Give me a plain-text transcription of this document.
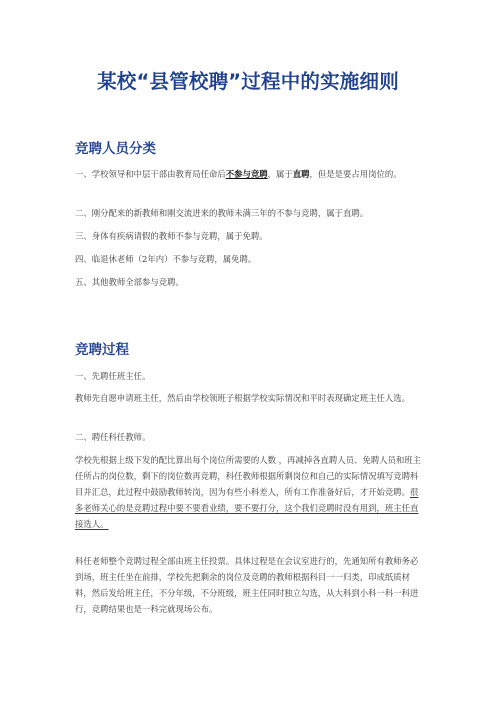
某校“县管校聘”过程中的实施细则
竞聘人员分类
一、学校领导和中层干部由教育局任命后不参与竞聘，属于直聘，但是是要占用岗位的。
二、刚分配来的新教师和刚交流进来的教师未满三年的不参与竞聘，属于直聘。
三、身体有疾病请假的教师不参与竞聘，属于免聘。
四、临退休老师（2年内）不参与竞聘，属免聘。
五、其他教师全部参与竞聘。
竞聘过程
一、先聘任班主任。
教师先自愿申请班主任，然后由学校领班子根据学校实际情况和平时表现确定班主任人选。
二、聘任科任教师。
学校先根据上级下发的配比算出每个岗位所需要的人数 ，再减掉各直聘人员、免聘人员和班主任所占的岗位数，剩下的岗位数再竞聘，科任教师根据所剩岗位和自己的实际情况填写竞聘科目并汇总，此过程中鼓励教师转岗，因为有些小科差人，所有工作准备好后，才开始竞聘。很多老师关心的是竞聘过程中要不要看业绩，要不要打分，这个我们竞聘时没有用到，班主任直接选人。
科任老师整个竞聘过程全部由班主任投票。具体过程是在会议室进行的，先通知所有教师务必到场，班主任坐在前排，学校先把剩余的岗位及竞聘的教师根据科目一一归类，印成纸质材料，然后发给班主任，不分年级，不分班级，班主任同时独立勾选，从大科到小科一科一科进行，竞聘结果也是一科完就现场公布。
